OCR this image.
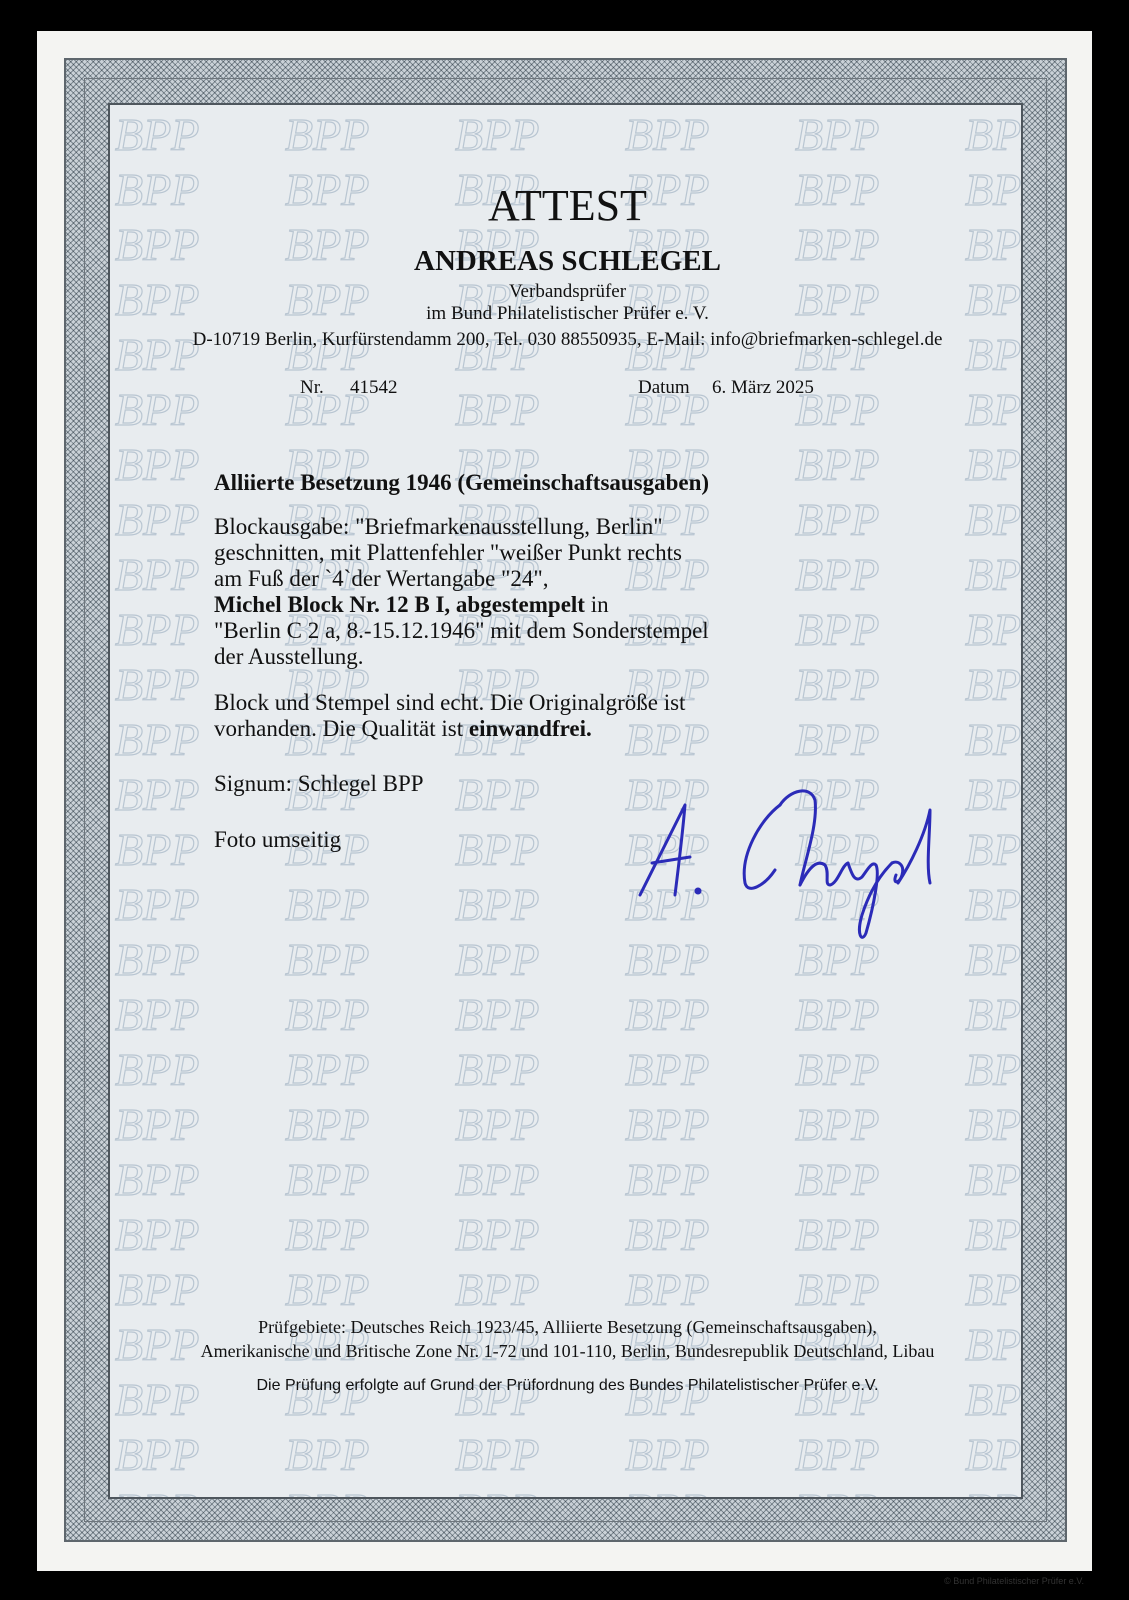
ATTEST
ANDREAS SCHLEGEL
Verbandsprüfer
im Bund Philatelistischer Prüfer e. V.
D-10719 Berlin, Kurfürstendamm 200, Tel. 030 88550935, E-Mail: info@briefmarken-schlegel.de
Nr. 41542	Datum 6. März 2025
Alliierte Besetzung 1946 (Gemeinschaftsausgaben)
Blockausgabe: "Briefmarkenausstellung, Berlin"
geschnitten, mit Plattenfehler "weißer Punkt rechts
am Fuß der `4`der Wertangabe "24",
Michel Block Nr. 12 B I, abgestempelt in
"Berlin C 2 a, 8.-15.12.1946" mit dem Sonderstempel
der Ausstellung.
Block und Stempel sind echt. Die Originalgröße ist
vorhanden. Die Qualität ist einwandfrei.
Signum: Schlegel BPP
Foto umseitig
Prüfgebiete: Deutsches Reich 1923/45, Alliierte Besetzung (Gemeinschaftsausgaben),
Amerikanische und Britische Zone Nr. 1-72 und 101-110, Berlin, Bundesrepublik Deutschland, Libau
Die Prüfung erfolgte auf Grund der Prüfordnung des Bundes Philatelistischer Prüfer e.V.
© Bund Philatelistischer Prüfer e.V.
